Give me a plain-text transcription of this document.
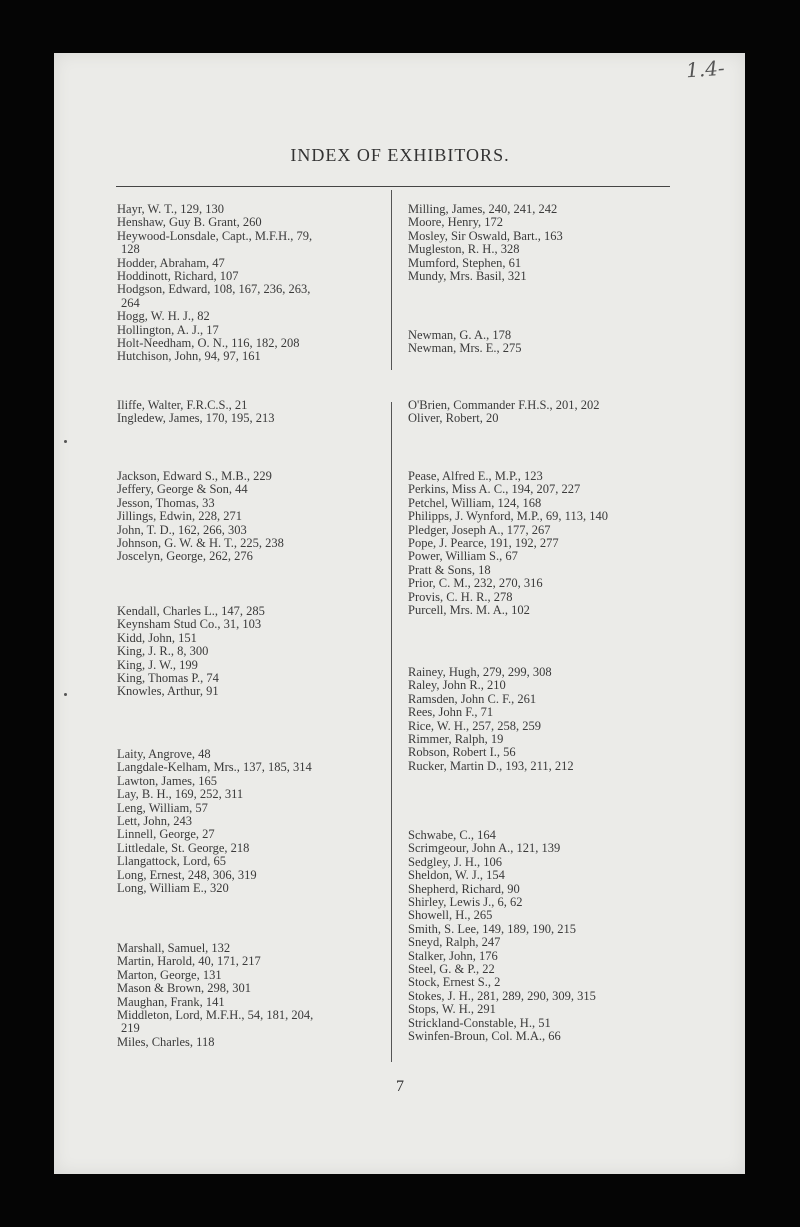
1.4-
INDEX OF EXHIBITORS.
Hayr, W. T., 129, 130
Henshaw, Guy B. Grant, 260
Heywood-Lonsdale, Capt., M.F.H., 79,
128
Hodder, Abraham, 47
Hoddinott, Richard, 107
Hodgson, Edward, 108, 167, 236, 263,
264
Hogg, W. H. J., 82
Hollington, A. J., 17
Holt-Needham, O. N., 116, 182, 208
Hutchison, John, 94, 97, 161
Iliffe, Walter, F.R.C.S., 21
Ingledew, James, 170, 195, 213
Jackson, Edward S., M.B., 229
Jeffery, George & Son, 44
Jesson, Thomas, 33
Jillings, Edwin, 228, 271
John, T. D., 162, 266, 303
Johnson, G. W. & H. T., 225, 238
Joscelyn, George, 262, 276
Kendall, Charles L., 147, 285
Keynsham Stud Co., 31, 103
Kidd, John, 151
King, J. R., 8, 300
King, J. W., 199
King, Thomas P., 74
Knowles, Arthur, 91
Laity, Angrove, 48
Langdale-Kelham, Mrs., 137, 185, 314
Lawton, James, 165
Lay, B. H., 169, 252, 311
Leng, William, 57
Lett, John, 243
Linnell, George, 27
Littledale, St. George, 218
Llangattock, Lord, 65
Long, Ernest, 248, 306, 319
Long, William E., 320
Marshall, Samuel, 132
Martin, Harold, 40, 171, 217
Marton, George, 131
Mason & Brown, 298, 301
Maughan, Frank, 141
Middleton, Lord, M.F.H., 54, 181, 204,
219
Miles, Charles, 118
Milling, James, 240, 241, 242
Moore, Henry, 172
Mosley, Sir Oswald, Bart., 163
Mugleston, R. H., 328
Mumford, Stephen, 61
Mundy, Mrs. Basil, 321
Newman, G. A., 178
Newman, Mrs. E., 275
O'Brien, Commander F.H.S., 201, 202
Oliver, Robert, 20
Pease, Alfred E., M.P., 123
Perkins, Miss A. C., 194, 207, 227
Petchel, William, 124, 168
Philipps, J. Wynford, M.P., 69, 113, 140
Pledger, Joseph A., 177, 267
Pope, J. Pearce, 191, 192, 277
Power, William S., 67
Pratt & Sons, 18
Prior, C. M., 232, 270, 316
Provis, C. H. R., 278
Purcell, Mrs. M. A., 102
Rainey, Hugh, 279, 299, 308
Raley, John R., 210
Ramsden, John C. F., 261
Rees, John F., 71
Rice, W. H., 257, 258, 259
Rimmer, Ralph, 19
Robson, Robert I., 56
Rucker, Martin D., 193, 211, 212
Schwabe, C., 164
Scrimgeour, John A., 121, 139
Sedgley, J. H., 106
Sheldon, W. J., 154
Shepherd, Richard, 90
Shirley, Lewis J., 6, 62
Showell, H., 265
Smith, S. Lee, 149, 189, 190, 215
Sneyd, Ralph, 247
Stalker, John, 176
Steel, G. & P., 22
Stock, Ernest S., 2
Stokes, J. H., 281, 289, 290, 309, 315
Stops, W. H., 291
Strickland-Constable, H., 51
Swinfen-Broun, Col. M.A., 66
7
